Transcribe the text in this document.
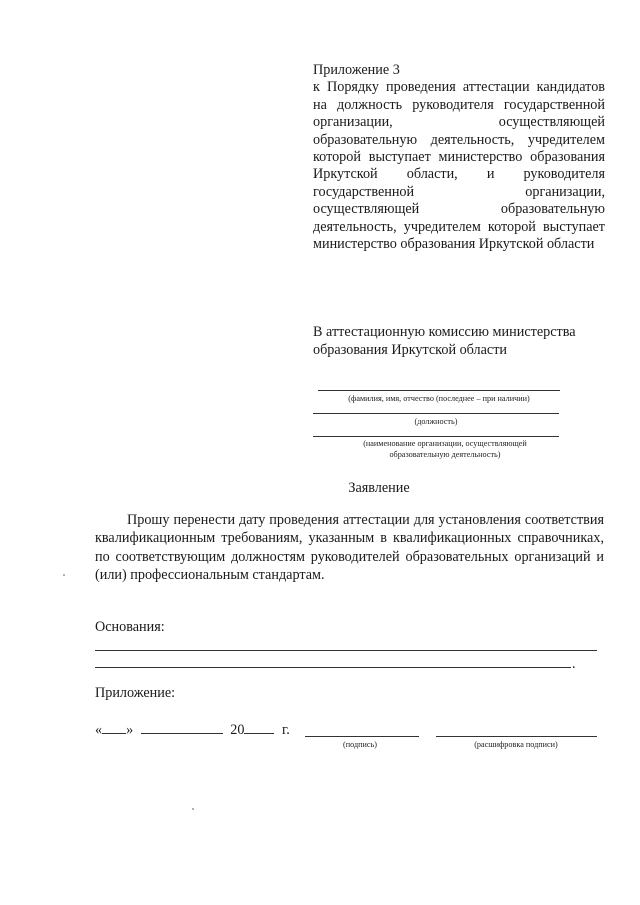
Приложение 3
к Порядку проведения аттестации кандидатов на должность руководителя государственной организации, осуществляющей образовательную деятельность, учредителем которой выступает министерство образования Иркутской области, и руководителя государственной организации, осуществляющей образовательную деятельность, учредителем которой выступает министерство образования Иркутской области
В аттестационную комиссию министерства образования Иркутской области
(фамилия, имя, отчество (последнее – при наличии)
(должность)
(наименование организации, осуществляющей
образовательную деятельность)
Заявление
Прошу перенести дату проведения аттестации для установления соответствия квалификационным требованиям, указанным в квалификационных справочниках, по соответствующим должностям руководителей образовательных организаций и (или) профессиональным стандартам.
Основания:
.
Приложение:
« »	20	г.
(подпись)	(расшифровка подписи)
